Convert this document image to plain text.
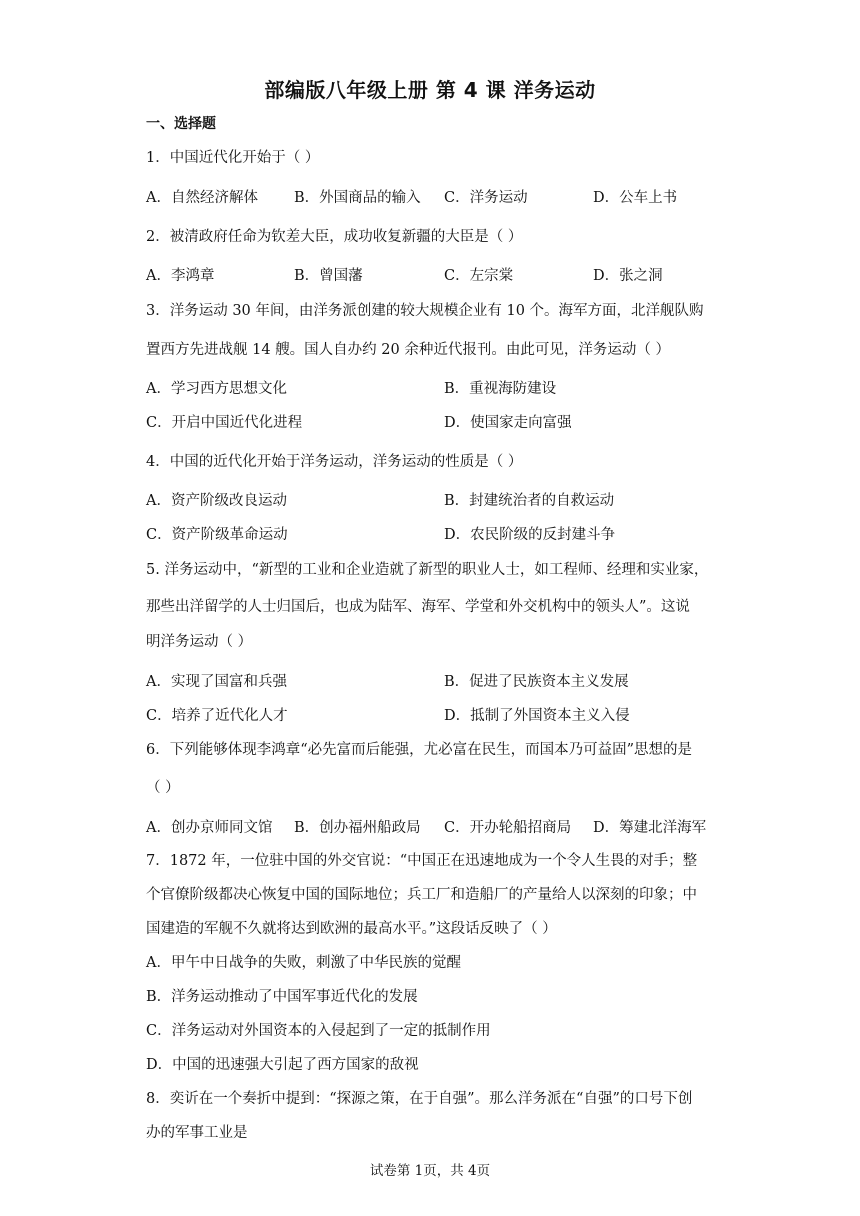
部编版八年级上册 第 4 课 洋务运动
一、选择题
1．中国近代化开始于（ ）
A．自然经济解体 B．外国商品的输入 C．洋务运动	D．公车上书
2．被清政府任命为钦差大臣，成功收复新疆的大臣是（ ）
A．李鸿章	B．曾国藩	C．左宗棠	D．张之洞
3．洋务运动 30 年间，由洋务派创建的较大规模企业有 10 个。海军方面，北洋舰队购
置西方先进战舰 14 艘。国人自办约 20 余种近代报刊。由此可见，洋务运动（ ）
A．学习西方思想文化	B．重视海防建设
C．开启中国近代化进程	D．使国家走向富强
4．中国的近代化开始于洋务运动，洋务运动的性质是（ ）
A．资产阶级改良运动	B．封建统治者的自救运动
C．资产阶级革命运动	D．农民阶级的反封建斗争
5. 洋务运动中，“新型的工业和企业造就了新型的职业人士，如工程师、经理和实业家，
那些出洋留学的人士归国后，也成为陆军、海军、学堂和外交机构中的领头人”。这说
明洋务运动（ ）
A．实现了国富和兵强	B．促进了民族资本主义发展
C．培养了近代化人才	D．抵制了外国资本主义入侵
6．下列能够体现李鸿章“必先富而后能强，尤必富在民生，而国本乃可益固”思想的是
（ ）
A．创办京师同文馆 B．创办福州船政局 C．开办轮船招商局 D．筹建北洋海军
7．1872 年，一位驻中国的外交官说：“中国正在迅速地成为一个令人生畏的对手；整
个官僚阶级都决心恢复中国的国际地位；兵工厂和造船厂的产量给人以深刻的印象；中
国建造的军舰不久就将达到欧洲的最高水平。”这段话反映了（ ）
A．甲午中日战争的失败，刺激了中华民族的觉醒
B．洋务运动推动了中国军事近代化的发展
C．洋务运动对外国资本的入侵起到了一定的抵制作用
D．中国的迅速强大引起了西方国家的敌视
8．奕䜣在一个奏折中提到：“探源之策，在于自强”。那么洋务派在“自强”的口号下创
办的军事工业是
试卷第 1页，共 4页
